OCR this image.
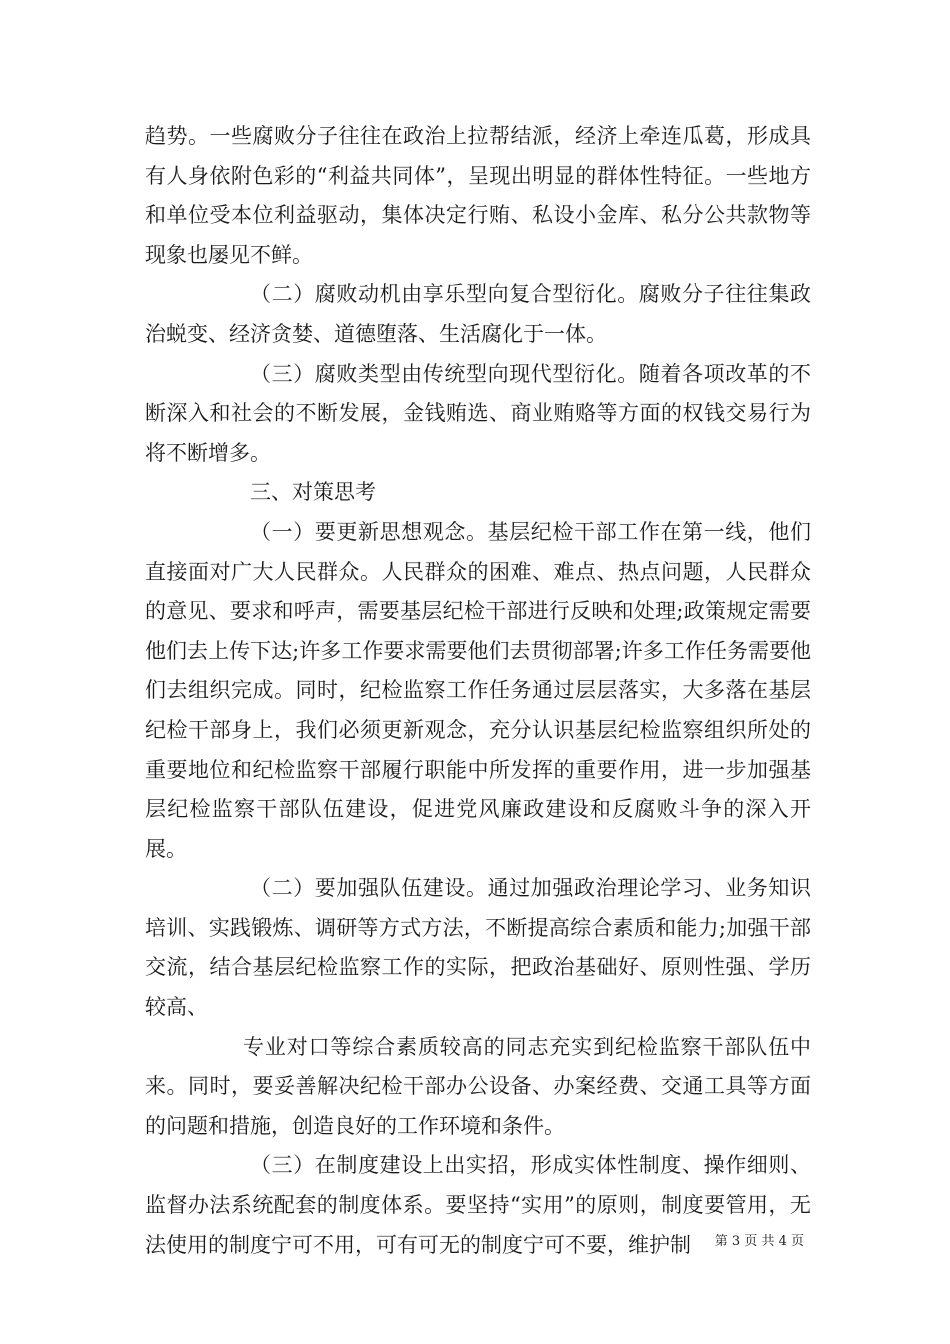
趋势。一些腐败分子往往在政治上拉帮结派，经济上牵连瓜葛，形成具有人身依附色彩的“利益共同体”，呈现出明显的群体性特征。一些地方和单位受本位利益驱动，集体决定行贿、私设小金库、私分公共款物等现象也屡见不鲜。

（二）腐败动机由享乐型向复合型衍化。腐败分子往往集政治蜕变、经济贪婪、道德堕落、生活腐化于一体。

（三）腐败类型由传统型向现代型衍化。随着各项改革的不断深入和社会的不断发展，金钱贿选、商业贿赂等方面的权钱交易行为将不断增多。

三、对策思考

（一）要更新思想观念。基层纪检干部工作在第一线，他们直接面对广大人民群众。人民群众的困难、难点、热点问题，人民群众的意见、要求和呼声，需要基层纪检干部进行反映和处理;政策规定需要他们去上传下达;许多工作要求需要他们去贯彻部署;许多工作任务需要他们去组织完成。同时，纪检监察工作任务通过层层落实，大多落在基层纪检干部身上，我们必须更新观念，充分认识基层纪检监察组织所处的重要地位和纪检监察干部履行职能中所发挥的重要作用，进一步加强基层纪检监察干部队伍建设，促进党风廉政建设和反腐败斗争的深入开展。

（二）要加强队伍建设。通过加强政治理论学习、业务知识培训、实践锻炼、调研等方式方法，不断提高综合素质和能力;加强干部交流，结合基层纪检监察工作的实际，把政治基础好、原则性强、学历较高、

专业对口等综合素质较高的同志充实到纪检监察干部队伍中来。同时，要妥善解决纪检干部办公设备、办案经费、交通工具等方面的问题和措施，创造良好的工作环境和条件。

（三）在制度建设上出实招，形成实体性制度、操作细则、监督办法系统配套的制度体系。要坚持“实用”的原则，制度要管用，无法使用的制度宁可不用，可有可无的制度宁可不要，维护制	第 3 页 共 4 页
